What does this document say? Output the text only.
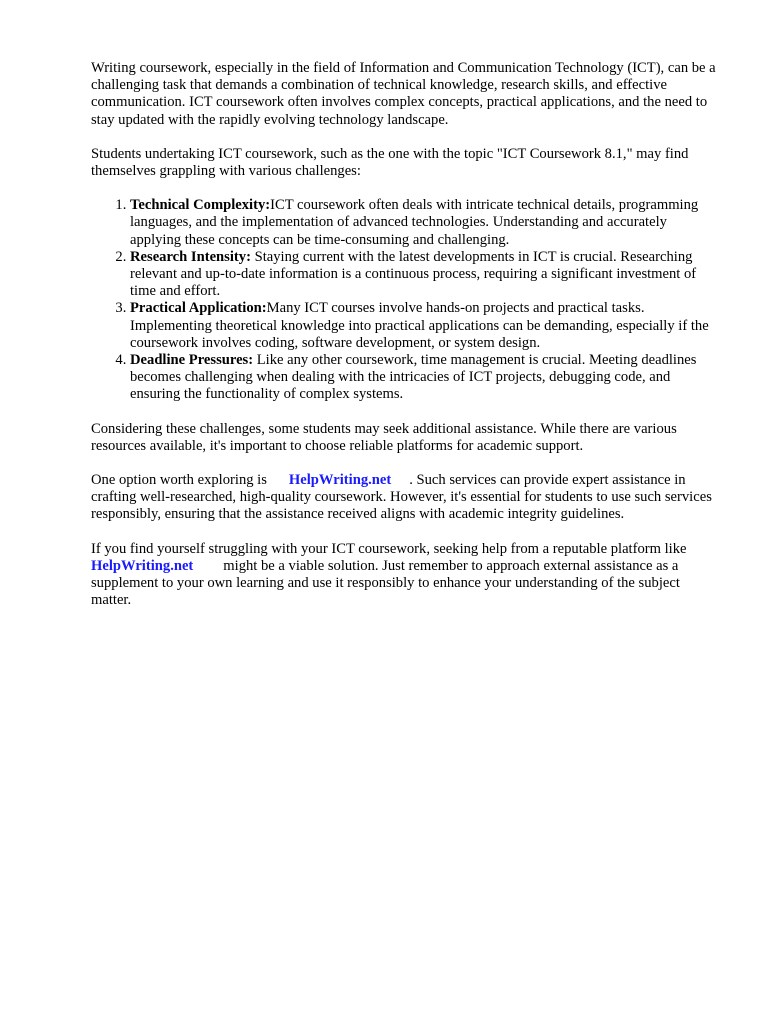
Writing coursework, especially in the field of Information and Communication Technology (ICT), can be a challenging task that demands a combination of technical knowledge, research skills, and effective communication. ICT coursework often involves complex concepts, practical applications, and the need to stay updated with the rapidly evolving technology landscape.

Students undertaking ICT coursework, such as the one with the topic "ICT Coursework 8.1," may find themselves grappling with various challenges:

1. Technical Complexity:ICT coursework often deals with intricate technical details, programming languages, and the implementation of advanced technologies. Understanding and accurately applying these concepts can be time-consuming and challenging.
2. Research Intensity: Staying current with the latest developments in ICT is crucial. Researching relevant and up-to-date information is a continuous process, requiring a significant investment of time and effort.
3. Practical Application:Many ICT courses involve hands-on projects and practical tasks. Implementing theoretical knowledge into practical applications can be demanding, especially if the coursework involves coding, software development, or system design.
4. Deadline Pressures: Like any other coursework, time management is crucial. Meeting deadlines becomes challenging when dealing with the intricacies of ICT projects, debugging code, and ensuring the functionality of complex systems.

Considering these challenges, some students may seek additional assistance. While there are various resources available, it's important to choose reliable platforms for academic support.

One option worth exploring is HelpWriting.net . Such services can provide expert assistance in crafting well-researched, high-quality coursework. However, it's essential for students to use such services responsibly, ensuring that the assistance received aligns with academic integrity guidelines.

If you find yourself struggling with your ICT coursework, seeking help from a reputable platform likeHelpWriting.net might be a viable solution. Just remember to approach external assistance as a supplement to your own learning and use it responsibly to enhance your understanding of the subject matter.
